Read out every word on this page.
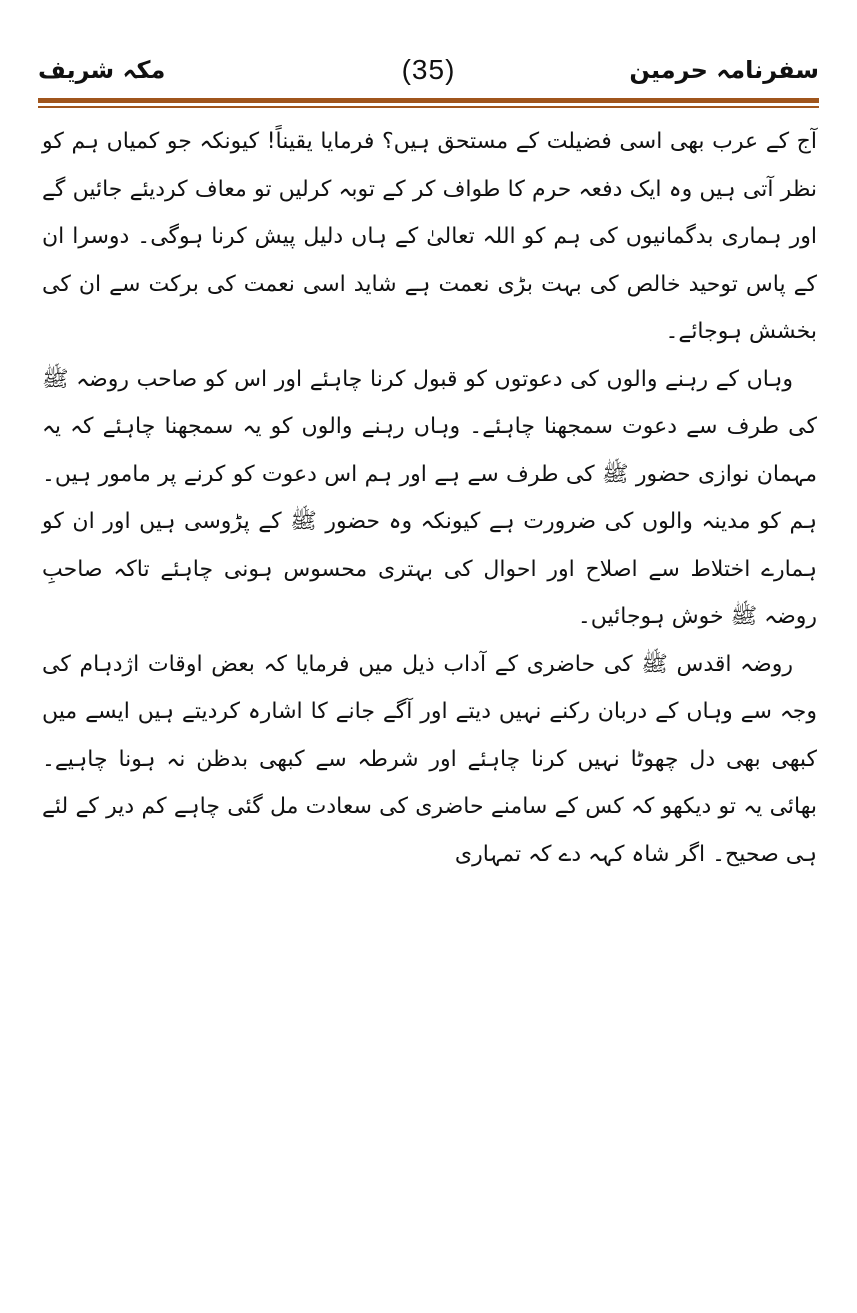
مکہ شریف	(35)	سفرنامہ حرمین

آج کے عرب بھی اسی فضیلت کے مستحق ہیں؟ فرمایا یقیناً! کیونکہ جو کمیاں ہم کو نظر آتی ہیں وہ ایک دفعہ حرم کا طواف کر کے توبہ کرلیں تو معاف کردیئے جائیں گے اور ہماری بدگمانیوں کی ہم کو اللہ تعالیٰ کے ہاں دلیل پیش کرنا ہوگی۔ دوسرا ان کے پاس توحید خالص کی بہت بڑی نعمت ہے شاید اسی نعمت کی برکت سے ان کی بخشش ہوجائے۔

وہاں کے رہنے والوں کی دعوتوں کو قبول کرنا چاہئے اور اس کو صاحب روضہ ﷺ کی طرف سے دعوت سمجھنا چاہئے۔ وہاں رہنے والوں کو یہ سمجھنا چاہئے کہ یہ مہمان نوازی حضور ﷺ کی طرف سے ہے اور ہم اس دعوت کو کرنے پر مامور ہیں۔ ہم کو مدینہ والوں کی ضرورت ہے کیونکہ وہ حضور ﷺ کے پڑوسی ہیں اور ان کو ہمارے اختلاط سے اصلاح اور احوال کی بہتری محسوس ہونی چاہئے تاکہ صاحبِ روضہ ﷺ خوش ہوجائیں۔

روضہ اقدس ﷺ کی حاضری کے آداب ذیل میں فرمایا کہ بعض اوقات اژدہام کی وجہ سے وہاں کے دربان رکنے نہیں دیتے اور آگے جانے کا اشارہ کردیتے ہیں ایسے میں کبھی بھی دل چھوٹا نہیں کرنا چاہئے اور شرطہ سے کبھی بدظن نہ ہونا چاہیے۔ بھائی یہ تو دیکھو کہ کس کے سامنے حاضری کی سعادت مل گئی چاہے کم دیر کے لئے ہی صحیح۔ اگر شاہ کہہ دے کہ تمہاری
